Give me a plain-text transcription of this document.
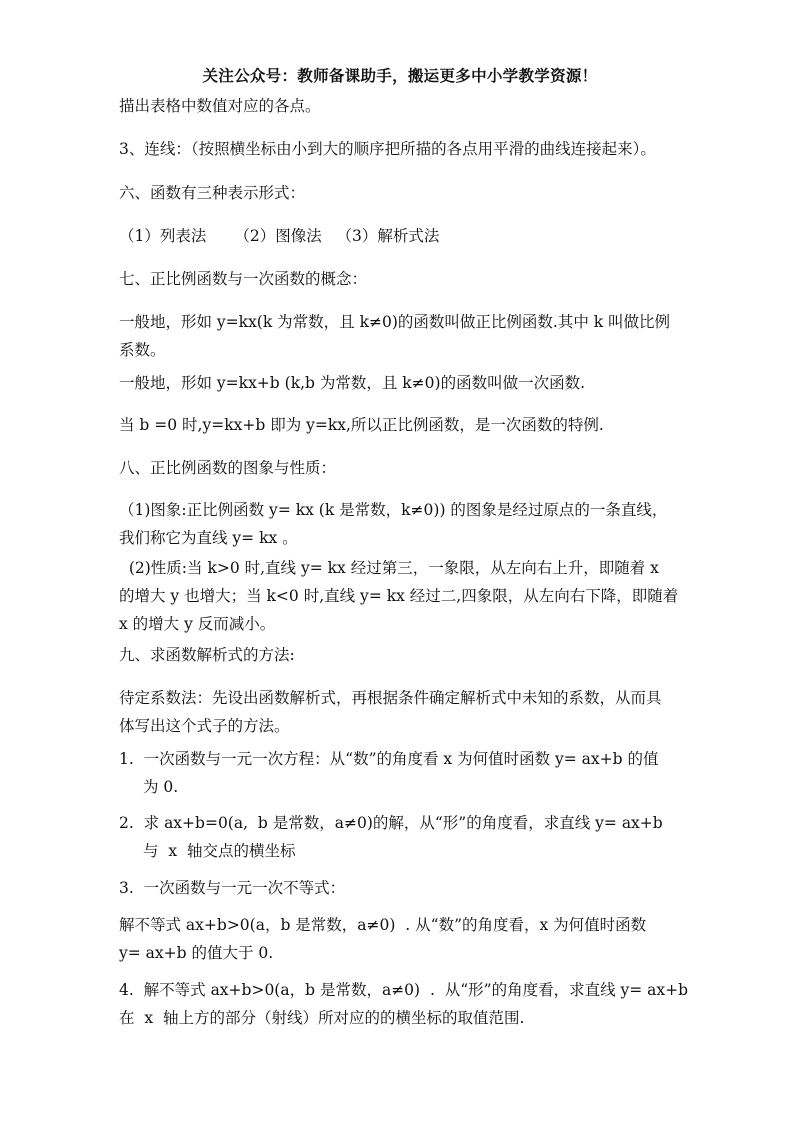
关注公众号：教师备课助手，搬运更多中小学教学资源！
描出表格中数值对应的各点。
3、连线：（按照横坐标由小到大的顺序把所描的各点用平滑的曲线连接起来）。
六、函数有三种表示形式：
（1）列表法 （2）图像法 （3）解析式法
七、正比例函数与一次函数的概念：
一般地，形如 y=kx(k 为常数，且 k≠0)的函数叫做正比例函数.其中 k 叫做比例
系数。
一般地，形如 y=kx+b (k,b 为常数，且 k≠0)的函数叫做一次函数.
当 b =0 时,y=kx+b 即为 y=kx,所以正比例函数，是一次函数的特例.
八、正比例函数的图象与性质：
（1)图象:正比例函数 y= kx (k 是常数，k≠0)) 的图象是经过原点的一条直线，
我们称它为直线 y= kx 。
(2)性质:当 k>0 时,直线 y= kx 经过第三，一象限，从左向右上升，即随着 x
的增大 y 也增大；当 k<0 时,直线 y= kx 经过二,四象限，从左向右下降，即随着
x 的增大 y 反而减小。
九、求函数解析式的方法:
待定系数法：先设出函数解析式，再根据条件确定解析式中未知的系数，从而具
体写出这个式子的方法。
1.  一次函数与一元一次方程：从“数”的角度看 x 为何值时函数 y= ax+b 的值
为 0.
2.  求 ax+b=0(a,  b 是常数，a≠0)的解，从“形”的角度看，求直线 y= ax+b
与  x  轴交点的横坐标
3.  一次函数与一元一次不等式：
解不等式 ax+b>0(a，b 是常数，a≠0)  . 从“数”的角度看，x 为何值时函数
y= ax+b 的值大于 0.
4.  解不等式 ax+b>0(a，b 是常数，a≠0)  .  从“形”的角度看，求直线 y= ax+b
在  x  轴上方的部分（射线）所对应的的横坐标的取值范围.
